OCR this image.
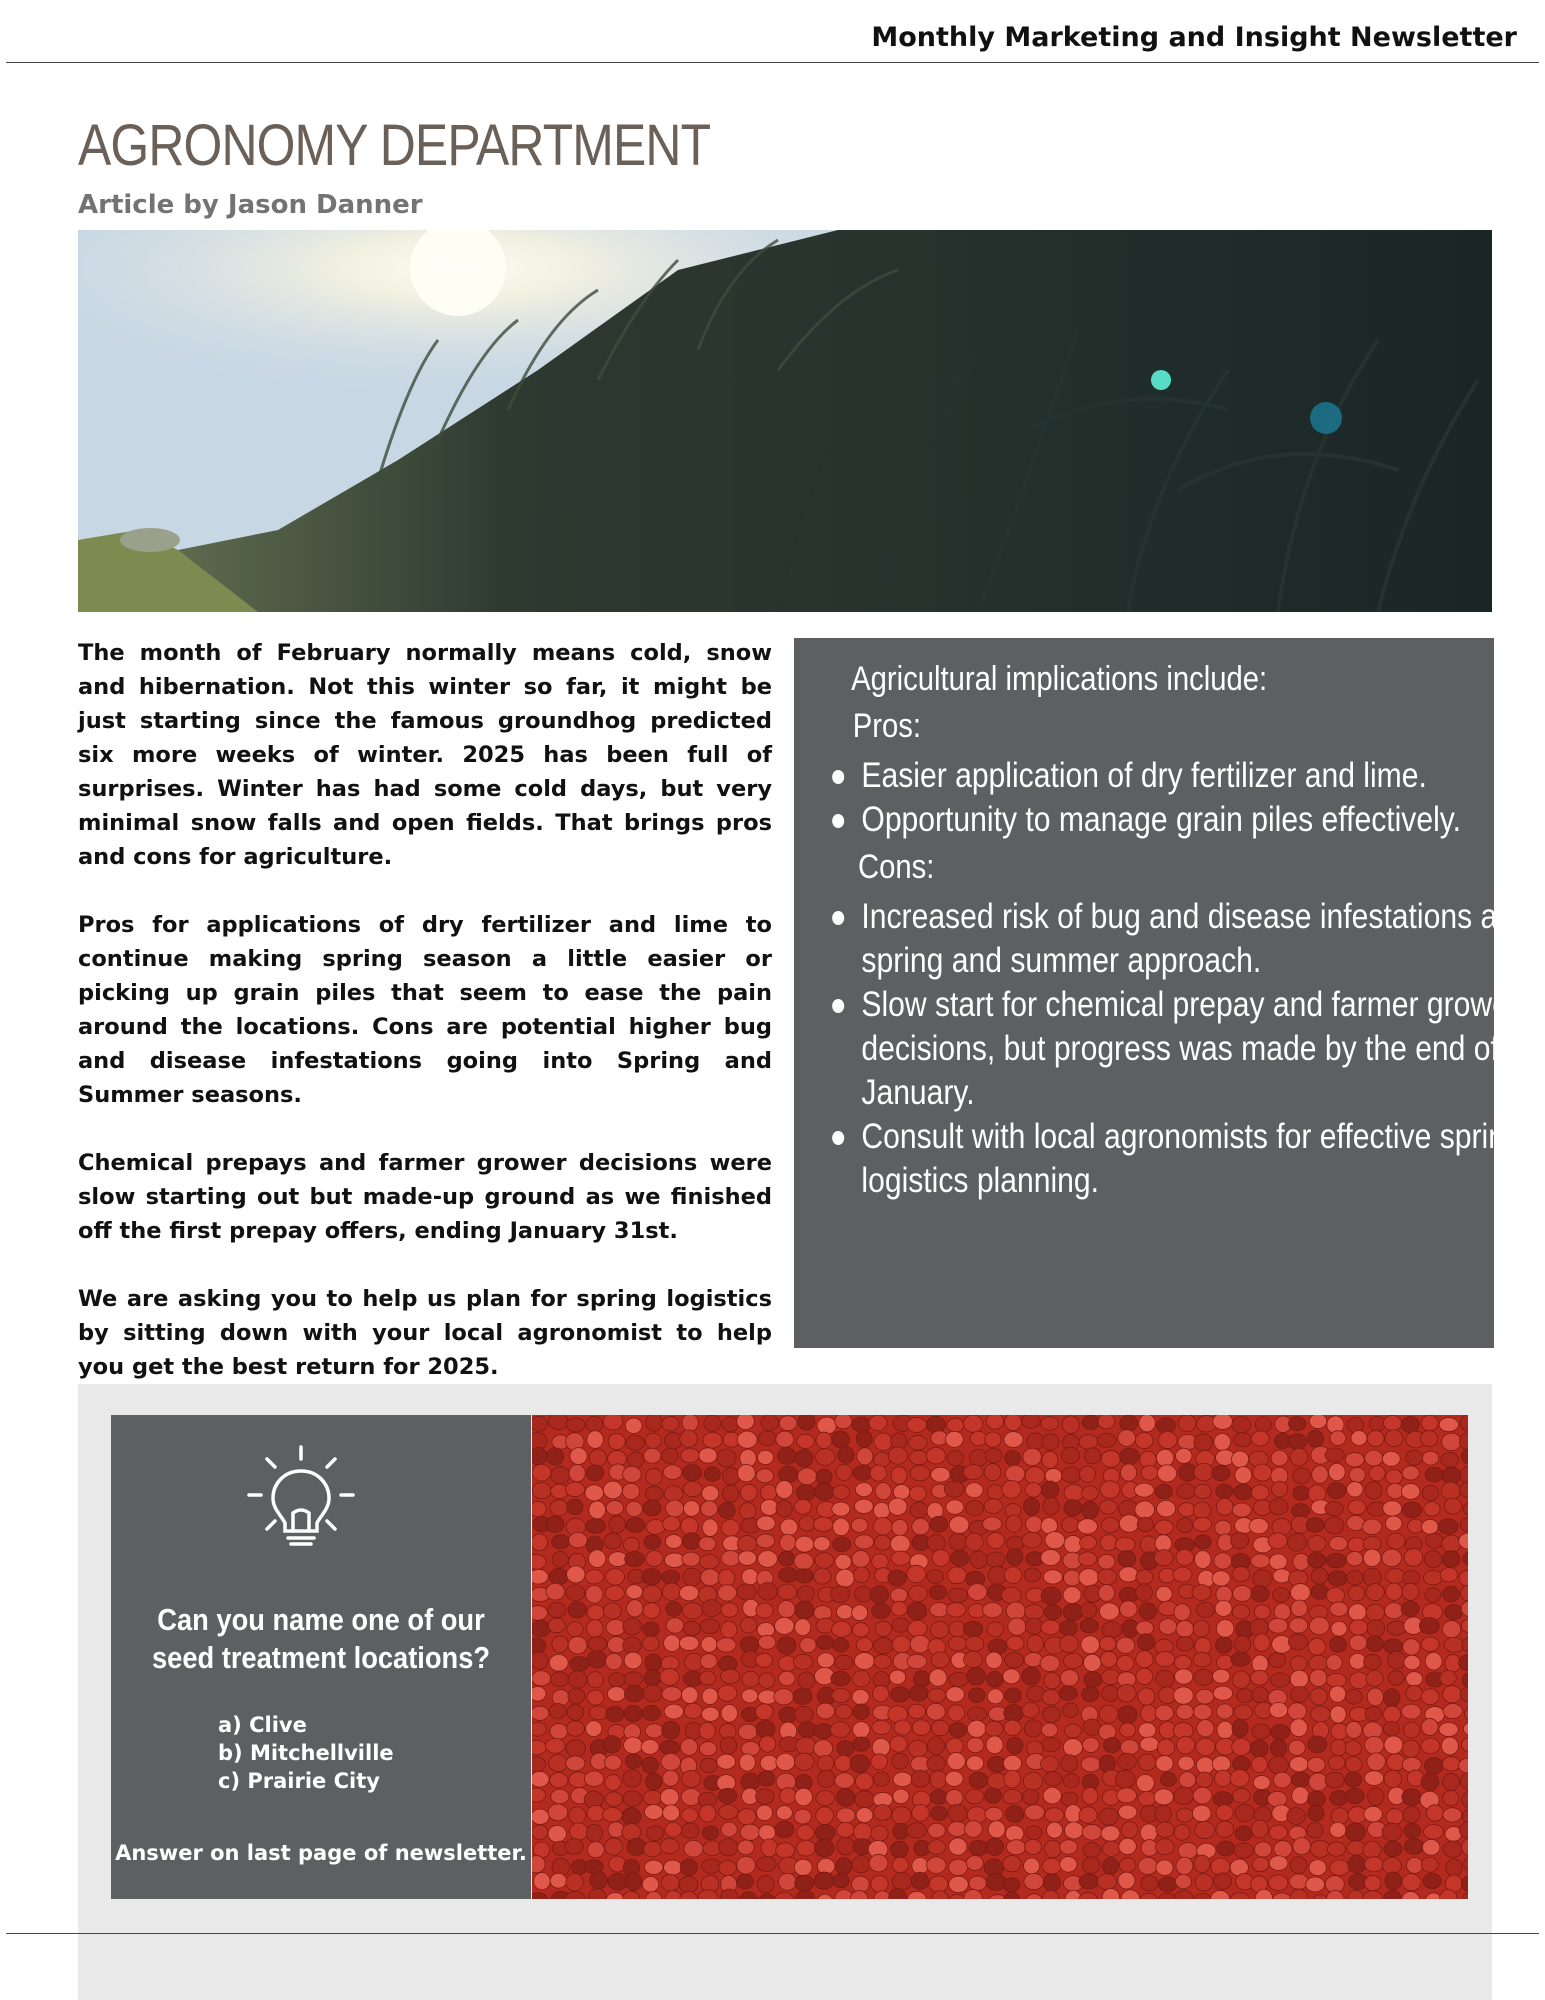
Monthly Marketing and Insight Newsletter
AGRONOMY DEPARTMENT
Article by Jason Danner

The month of February normally means cold, snow and hibernation. Not this winter so far, it might be just starting since the famous groundhog predicted six more weeks of winter. 2025 has been full of surprises. Winter has had some cold days, but very minimal snow falls and open fields. That brings pros and cons for agriculture.

Pros for applications of dry fertilizer and lime to continue making spring season a little easier or picking up grain piles that seem to ease the pain around the locations. Cons are potential higher bug and disease infestations going into Spring and Summer seasons.

Chemical prepays and farmer grower decisions were slow starting out but made-up ground as we finished off the first prepay offers, ending January 31st.

We are asking you to help us plan for spring logistics by sitting down with your local agronomist to help you get the best return for 2025.

Agricultural implications include:
Pros:
Easier application of dry fertilizer and lime.
Opportunity to manage grain piles effectively.
Cons:
Increased risk of bug and disease infestations as spring and summer approach.
Slow start for chemical prepay and farmer grower decisions, but progress was made by the end of January.
Consult with local agronomists for effective spring logistics planning.
Can you name one of our seed treatment locations?
a) Clive
b) Mitchellville
c) Prairie City
Answer on last page of newsletter.
